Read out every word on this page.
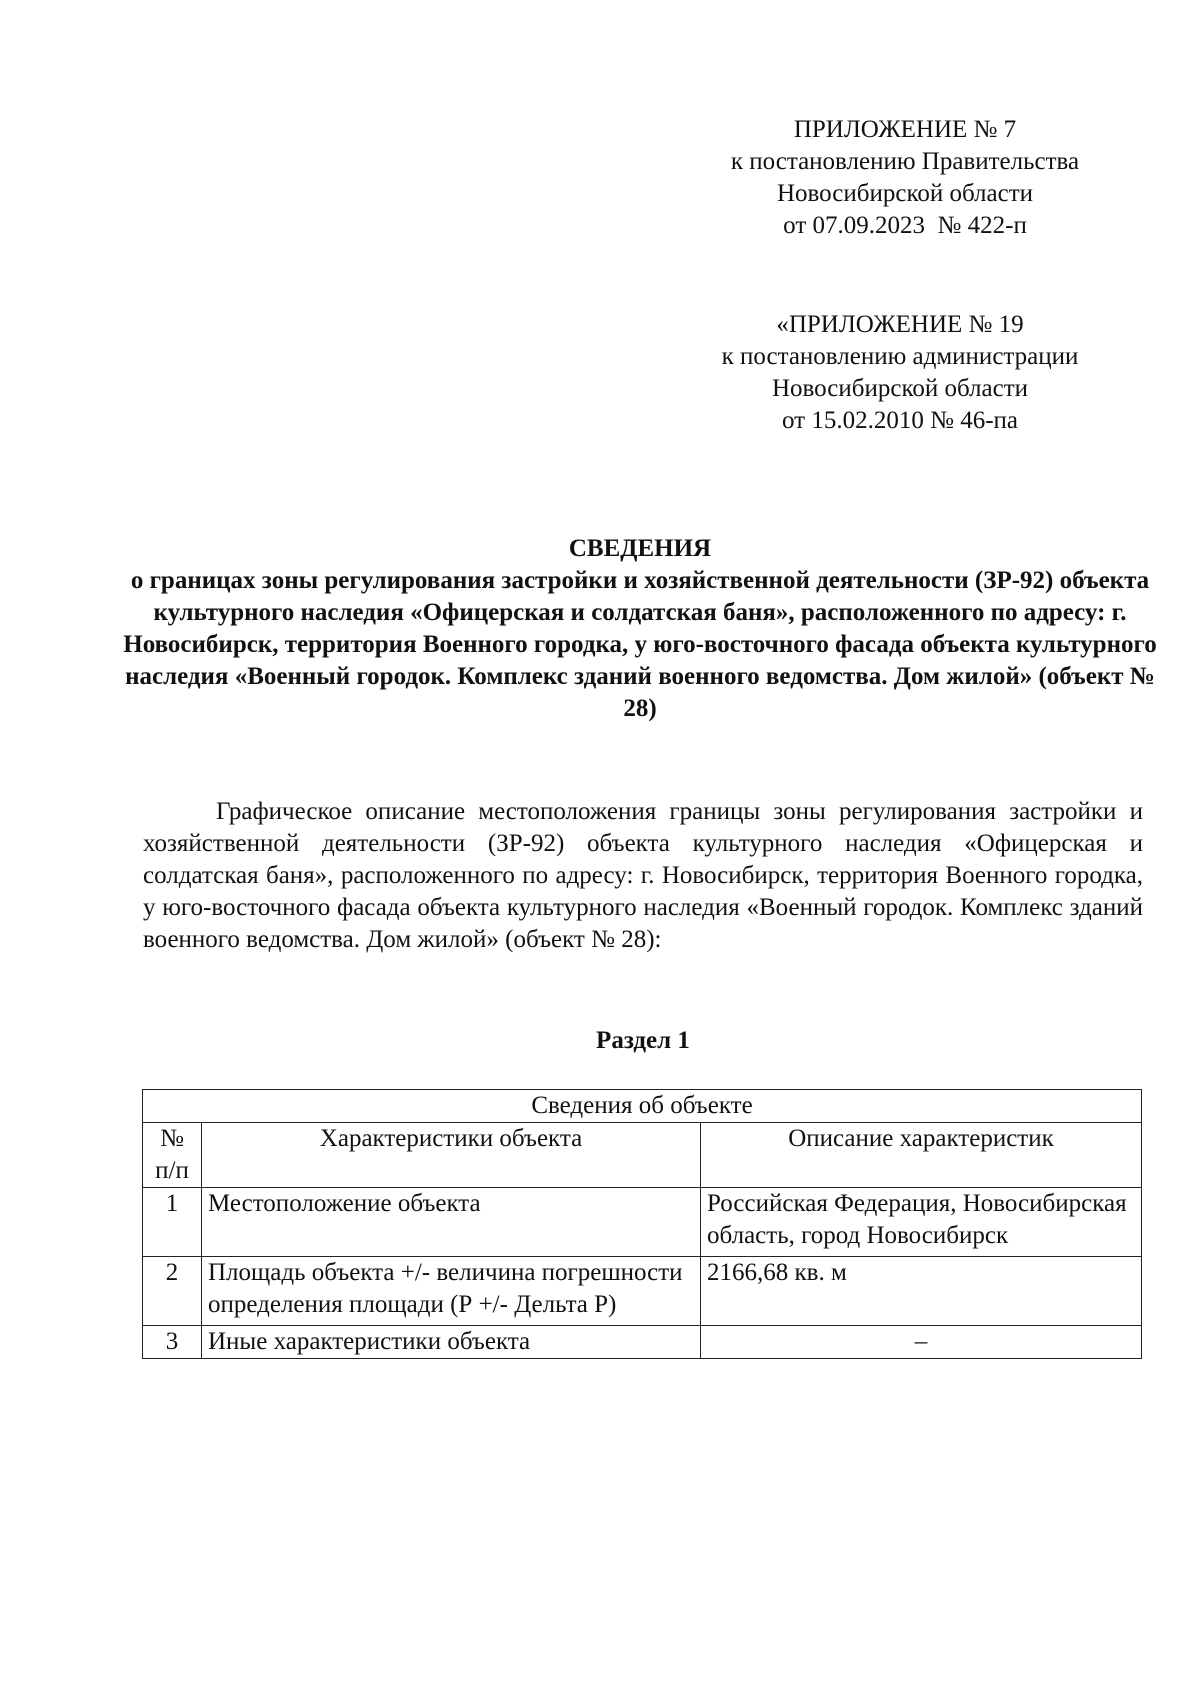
ПРИЛОЖЕНИЕ № 7
к постановлению Правительства
Новосибирской области
от 07.09.2023  № 422-п
«ПРИЛОЖЕНИЕ № 19
к постановлению администрации
Новосибирской области
от 15.02.2010 № 46-па
СВЕДЕНИЯ
о границах зоны регулирования застройки и хозяйственной деятельности (ЗР-92) объекта культурного наследия «Офицерская и солдатская баня», расположенного по адресу: г. Новосибирск, территория Военного городка, у юго-восточного фасада объекта культурного наследия «Военный городок. Комплекс зданий военного ведомства. Дом жилой» (объект № 28)

Графическое описание местоположения границы зоны регулирования застройки и хозяйственной деятельности (ЗР-92) объекта культурного наследия «Офицерская и солдатская баня», расположенного по адресу: г. Новосибирск, территория Военного городка, у юго-восточного фасада объекта культурного наследия «Военный городок. Комплекс зданий военного ведомства. Дом жилой» (объект № 28):

Раздел 1
Сведения об объекте		
№ п/п	Характеристики объекта	Описание характеристик
1	Местоположение объекта	Российская Федерация, Новосибирская область, город Новосибирск
2	Площадь объекта +/- величина погрешности определения площади (Р +/- Дельта Р)	2166,68 кв. м
3	Иные характеристики объекта	–
